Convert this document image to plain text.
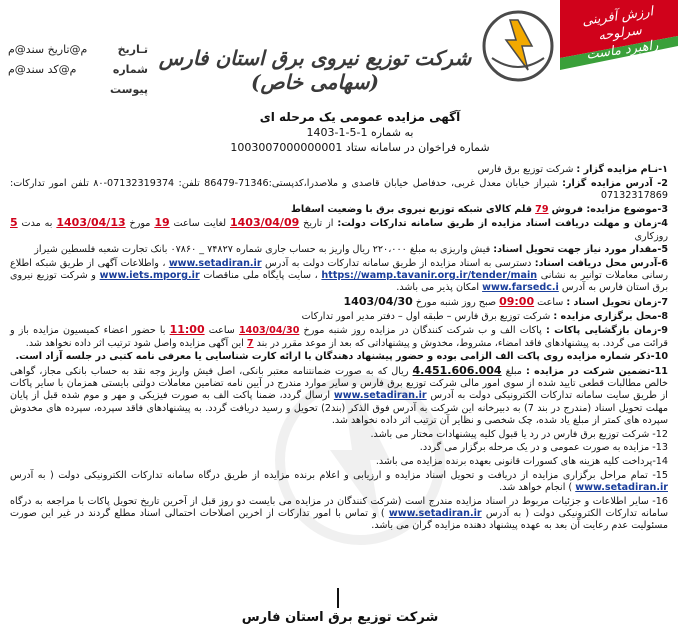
ارزش آفرینی سرلوحه
راهبرد ماست
شرکت توزیع نیروی برق استان فارس (سهامی خاص)
تـاریخ
م@تاريخ سند@م
شماره
م@کد سند@م
پیوست
آگهی مزایده عمومی یک مرحله ای
به شماره 1-5-1-1403
شماره فراخوان در سامانه ستاد 1003007000000001

۱-نـام مزایده گزار : شرکت توزیع برق فارس

2- آدرس مزایده گزار: شیراز خیابان معدل غربی، حدفاصل خیابان قاصدی و ملاصدرا،کدپستی:71346-86479 تلفن: 07132319374-۸۰ تلفن امور تدارکات: 07132317869

3-موضوع مزایده: فروش 79 قلم کالای شبکه توزیع نیروی برق با وضعیت اسقاط

4-زمان و مهلت دریافت اسناد مزایده از طریق سامانه تدارکات دولت: از تاریخ 1403/04/09 لغایت ساعت 19 مورخ 1403/04/13 به مدت 5 روزکاری

5-مقدار مورد نیاز جهت تحویل اسناد: فیش واریزی به مبلغ ۲۲۰،۰۰۰ ریال واریز به حساب جاری شماره ۷۴۸۲۷ _ ۰۷۸۶۰ بانک تجارت شعبه فلسطین شیراز

6-آدرس محل دریافت اسناد: دسترسی به اسناد مزایده از طریق سامانه تدارکات دولت به آدرس www.setadiran.ir ، واطلاعات آگهی از طریق شبکه اطلاع رسانی معاملات توانیر به نشانی https://wamp.tavanir.org.ir/tender/main ، سایت پایگاه ملی مناقصات www.iets.mporg.ir و شرکت توزیع نیروی برق استان فارس به آدرس www.farsedc.i امکان پذیر می باشد.

7-زمان تحویل اسناد : ساعت 09:00 صبح روز شنبه مورخ 1403/04/30

8-محل برگزاری مزایده : شرکت توزیع برق فارس – طبقه اول – دفتر مدیر امور تدارکات

9-زمان بازگشایی پاکات : پاکات الف و ب شرکت کنندگان در مزایده روز شنبه مورخ 1403/04/30 ساعت 11:00 با حضور اعضاء کمیسیون مزایده باز و قرائت می گردد. به پیشنهادهای فاقد امضاء، مشروط، مخدوش و پیشنهاداتی که بعد از موعد مقرر در بند 7 این آگهی مزایده واصل شود ترتیب اثر داده نخواهد شد.

10-ذکر شماره مزایده روی پاکت الف الزامی بوده و حضور پیشنهاد دهندگان با ارائه کارت شناسایی یا معرفی نامه کتبی در جلسه آزاد است.

11-تضمین شرکت در مزایده : مبلغ 4.451.606.004 ریال که به صورت ضمانتنامه معتبر بانکی، اصل فیش واریز وجه نقد به حساب بانکی مجاز، گواهی خالص مطالبات قطعی تایید شده از سوی امور مالی شرکت توزیع برق فارس و سایر موارد مندرج در آیین نامه تضامین معاملات دولتی بایستی همزمان با سایر پاکات از طریق سایت سامانه تدارکات الکترونیکی دولت به آدرس www.setadiran.ir ارسال گردد، ضمنا پاکت الف به صورت فیزیکی و مهر و موم شده قبل از پایان مهلت تحویل اسناد (مندرج در بند 7) به دبیرخانه این شرکت به آدرس فوق الذکر (بند2) تحویل و رسید دریافت گردد. به پیشنهادهای فاقد سپرده، سپرده های مخدوش سپرده های کمتر از مبلغ یاد شده، چک شخصی و نظایر آن ترتیب اثر داده نخواهد شد.

12- شرکت توزیع برق فارس در رد یا قبول کلیه پیشنهادات مختار می باشد.

13- مزایده به صورت عمومی و در یک مرحله برگزار می گردد.

14-پرداخت کلیه هزینه های کسورات قانونی بعهده برنده مزایده می باشد.

15- تمام مراحل برگزاری مزایده از دریافت و تحویل اسناد مزایده و ارزیابی و اعلام برنده مزایده از طریق درگاه سامانه تدارکات الکترونیکی دولت ( به آدرس www.setadiran.ir ) انجام خواهد شد.

16- سایر اطلاعات و جزئیات مربوط در اسناد مزایده مندرج است (شرکت کنندگان در مزایده می بایست دو روز قبل از آخرین تاریخ تحویل پاکات با مراجعه به درگاه سامانه تدارکات الکترونیکی دولت ( به آدرس www.setadiran.ir ) و تماس با امور تدارکات از اخرین اصلاحات احتمالی اسناد مطلع گردند در غیر این صورت مسئولیت عدم رعایت آن بعد به عهده پیشنهاد دهنده مزایده گران می باشد.

شرکت توزیع برق استان فارس
